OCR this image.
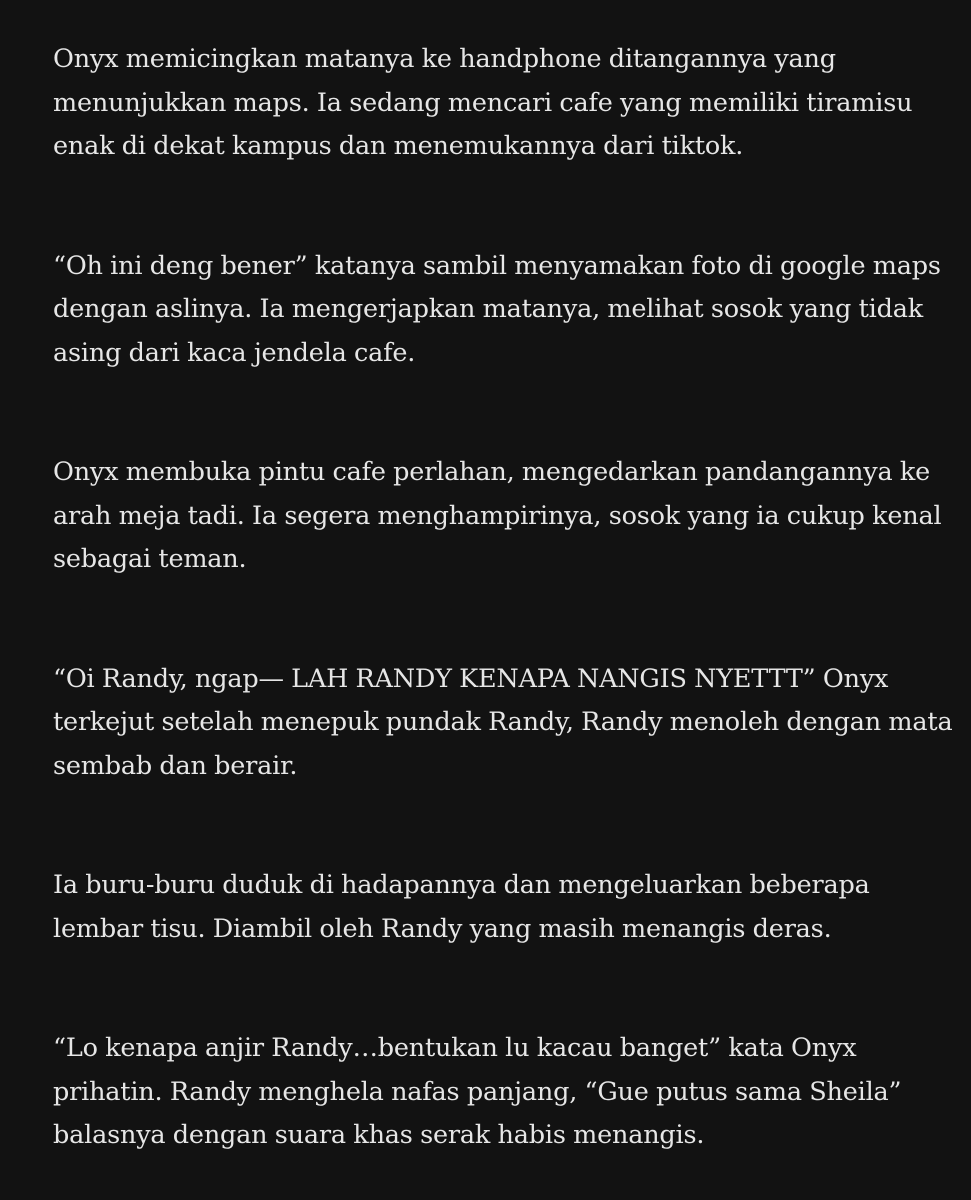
Onyx memicingkan matanya ke handphone ditangannya yang
menunjukkan maps. Ia sedang mencari cafe yang memiliki tiramisu
enak di dekat kampus dan menemukannya dari tiktok.

“Oh ini deng bener” katanya sambil menyamakan foto di google maps
dengan aslinya. Ia mengerjapkan matanya, melihat sosok yang tidak
asing dari kaca jendela cafe.

Onyx membuka pintu cafe perlahan, mengedarkan pandangannya ke
arah meja tadi. Ia segera menghampirinya, sosok yang ia cukup kenal
sebagai teman.

“Oi Randy, ngap— LAH RANDY KENAPA NANGIS NYETTT” Onyx
terkejut setelah menepuk pundak Randy, Randy menoleh dengan mata
sembab dan berair.

Ia buru-buru duduk di hadapannya dan mengeluarkan beberapa
lembar tisu. Diambil oleh Randy yang masih menangis deras.

“Lo kenapa anjir Randy…bentukan lu kacau banget” kata Onyx
prihatin. Randy menghela nafas panjang, “Gue putus sama Sheila”
balasnya dengan suara khas serak habis menangis.
